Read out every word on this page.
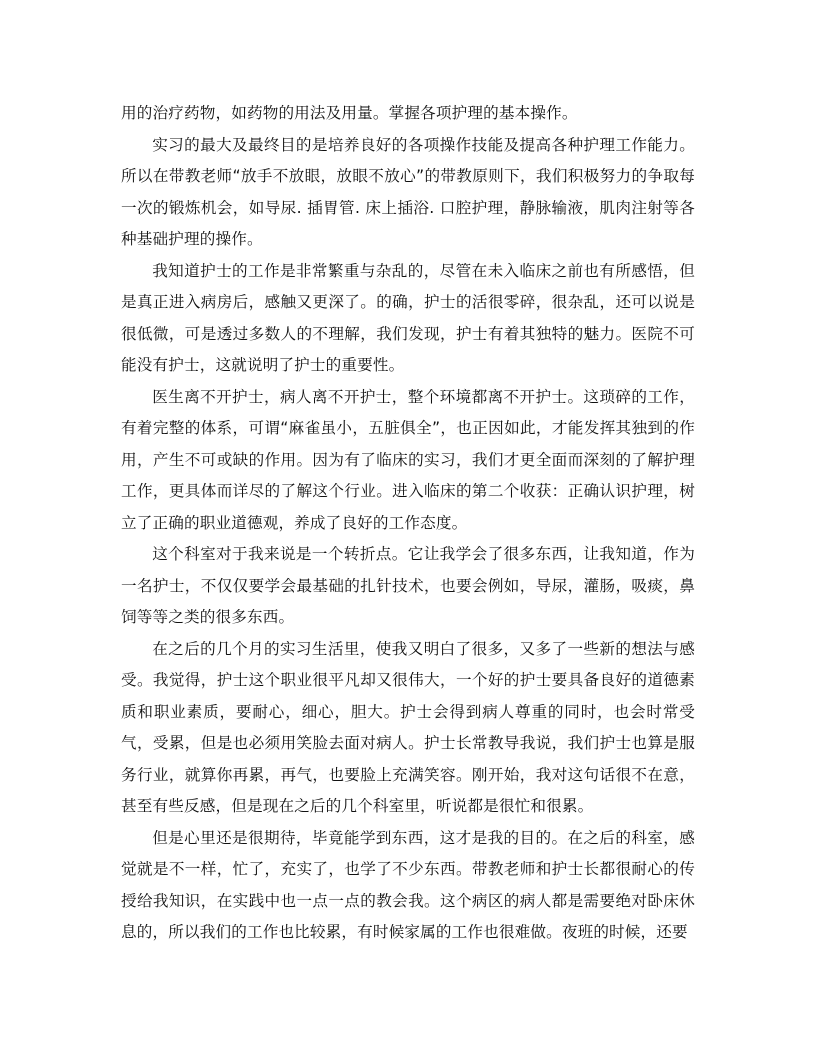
用的治疗药物，如药物的用法及用量。掌握各项护理的基本操作。

实习的最大及最终目的是培养良好的各项操作技能及提高各种护理工作能力。所以在带教老师“放手不放眼，放眼不放心”的带教原则下，我们积极努力的争取每一次的锻炼机会，如导尿. 插胃管. 床上插浴. 口腔护理，静脉输液，肌肉注射等各种基础护理的操作。

我知道护士的工作是非常繁重与杂乱的，尽管在未入临床之前也有所感悟，但是真正进入病房后，感触又更深了。的确，护士的活很零碎，很杂乱，还可以说是很低微，可是透过多数人的不理解，我们发现，护士有着其独特的魅力。医院不可能没有护士，这就说明了护士的重要性。

医生离不开护士，病人离不开护士，整个环境都离不开护士。这琐碎的工作，有着完整的体系，可谓“麻雀虽小，五脏俱全”，也正因如此，才能发挥其独到的作用，产生不可或缺的作用。因为有了临床的实习，我们才更全面而深刻的了解护理工作，更具体而详尽的了解这个行业。进入临床的第二个收获：正确认识护理，树立了正确的职业道德观，养成了良好的工作态度。

这个科室对于我来说是一个转折点。它让我学会了很多东西，让我知道，作为一名护士，不仅仅要学会最基础的扎针技术，也要会例如，导尿，灌肠，吸痰，鼻饲等等之类的很多东西。

在之后的几个月的实习生活里，使我又明白了很多，又多了一些新的想法与感受。我觉得，护士这个职业很平凡却又很伟大，一个好的护士要具备良好的道德素质和职业素质，要耐心，细心，胆大。护士会得到病人尊重的同时，也会时常受气，受累，但是也必须用笑脸去面对病人。护士长常教导我说，我们护士也算是服务行业，就算你再累，再气，也要脸上充满笑容。刚开始，我对这句话很不在意，甚至有些反感，但是现在之后的几个科室里，听说都是很忙和很累。

但是心里还是很期待，毕竟能学到东西，这才是我的目的。在之后的科室，感觉就是不一样，忙了，充实了，也学了不少东西。带教老师和护士长都很耐心的传授给我知识，在实践中也一点一点的教会我。这个病区的病人都是需要绝对卧床休息的，所以我们的工作也比较累，有时候家属的工作也很难做。夜班的时候，还要
